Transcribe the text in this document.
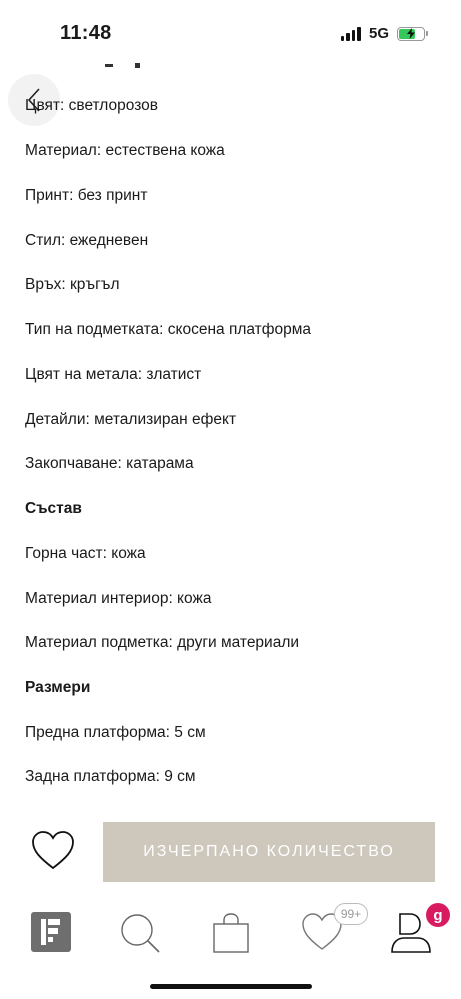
11:48	5G
Цвят: светлорозов
Материал: естествена кожа
Принт: без принт
Стил: ежедневен
Връх: кръгъл
Тип на подметката: скосена платформа
Цвят на метала: златист
Детайли: метализиран ефект
Закопчаване: катарама
Състав
Горна част: кожа
Материал интериор: кожа
Материал подметка: други материали
Размери
Предна платформа: 5 см
Задна платформа: 9 см
ИЗЧЕРПАНО КОЛИЧЕСТВО
99+	g
